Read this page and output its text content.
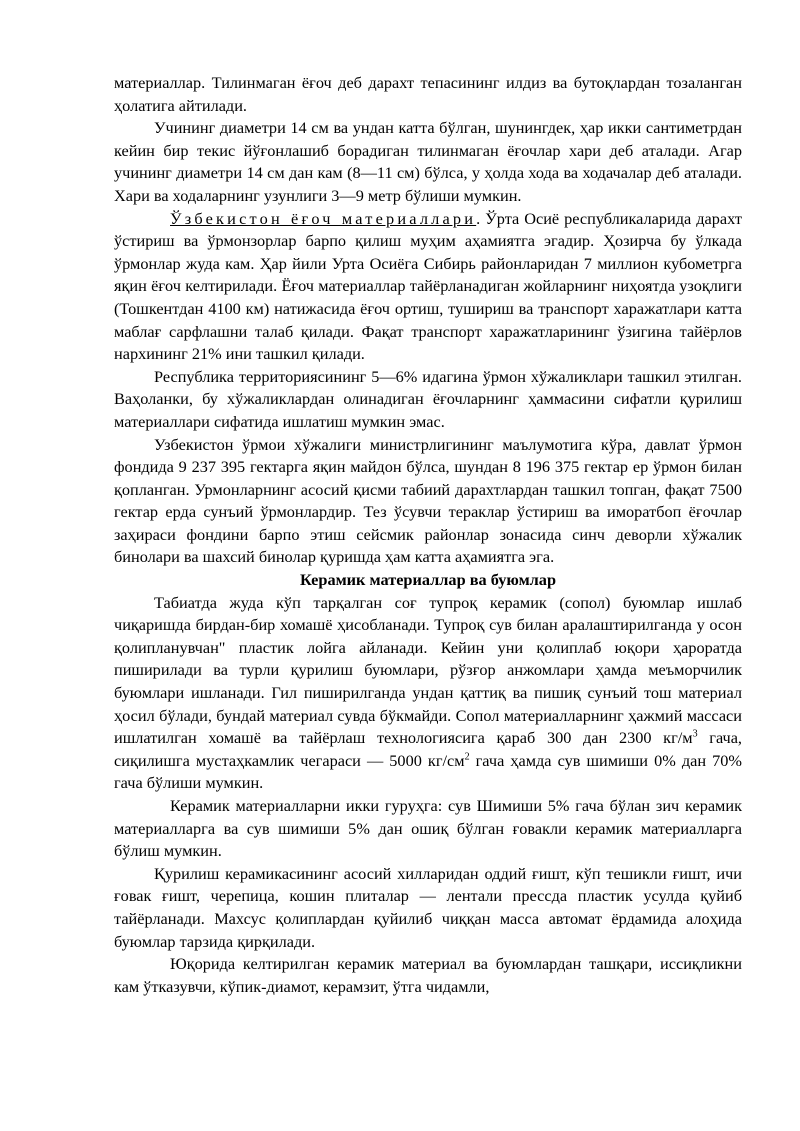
материаллар. Тилинмаган ёғоч деб дарахт тепасининг илдиз ва бутоқлардан тозаланган ҳолатига айтилади.

Учининг диаметри 14 см ва ундан катта бўлган, шунингдек, ҳар икки сантиметрдан кейин бир текис йўғонлашиб борадиган тилинмаган ёғочлар хари деб аталади. Агар учининг диаметри 14 см дан кам (8—11 см) бўлса, у ҳолда хода ва ходачалар деб аталади. Хари ва ходаларнинг узунлиги 3—9 метр бўлиши мумкин.

Ўзбекистон ёғоч материаллари. Ўрта Осиё республикаларида дарахт ўстириш ва ўрмонзорлар барпо қилиш муҳим аҳамиятга эгадир. Ҳозирча бу ўлкада ўрмонлар жуда кам. Ҳар йили Урта Осиёга Сибирь районларидан 7 миллион кубометрга яқин ёғоч келтирилади. Ёғоч материаллар тайёрланадиган жойларнинг ниҳоятда узоқлиги (Тошкентдан 4100 км) натижасида ёғоч ортиш, тушириш ва транспорт харажатлари катта маблағ сарфлашни талаб қилади. Фақат транспорт харажатларининг ўзигина тайёрлов нархининг 21% ини ташкил қилади.

Республика территориясининг 5—6% идагина ўрмон хўжаликлари ташкил этилган. Ваҳоланки, бу хўжаликлардан олинадиган ёғочларнинг ҳаммасини сифатли қурилиш материаллари сифатида ишлатиш мумкин эмас.

Узбекистон ўрмои хўжалиги министрлигининг маълумотига кўра, давлат ўрмон фондида 9 237 395 гектарга яқин майдон бўлса, шундан 8 196 375 гектар ер ўрмон билан қопланган. Урмонларнинг асосий қисми табиий дарахтлардан ташкил топган, фақат 7500 гектар ерда сунъий ўрмонлардир. Тез ўсувчи тераклар ўстириш ва иморатбоп ёғочлар заҳираси фондини барпо этиш сейсмик районлар зонасида синч деворли хўжалик бинолари ва шахсий бинолар қуришда ҳам катта аҳамиятга эга.

Керамик материаллар ва буюмлар

Табиатда жуда кўп тарқалган соғ тупроқ керамик (сопол) буюмлар ишлаб чиқаришда бирдан-бир хомашё ҳисобланади. Тупроқ сув билан аралаштирилганда у осон қолипланувчан" пластик лойга айланади. Кейин уни қолиплаб юқори ҳароратда пиширилади ва турли қурилиш буюмлари, рўзғор анжомлари ҳамда меъморчилик буюмлари ишланади. Гил пиширилганда ундан қаттиқ ва пишиқ сунъий тош материал ҳосил бўлади, бундай материал сувда бўкмайди. Сопол материалларнинг ҳажмий массаси ишлатилган хомашё ва тайёрлаш технологиясига қараб 300 дан 2300 $кг/м^3$ гача, сиқилишга мустаҳкамлик чегараси — 5000 $кг/см^2$ гача ҳамда сув шимиши 0% дан 70% гача бўлиши мумкин.

Керамик материалларни икки гуруҳга: сув Шимиши 5% гача бўлан зич керамик материалларга ва сув шимиши 5% дан ошиқ бўлган ғовакли керамик материалларга бўлиш мумкин.

Қурилиш керамикасининг асосий хилларидан оддий ғишт, кўп тешикли ғишт, ичи ғовак ғишт, черепица, кошин плиталар — лентали прессда пластик усулда қуйиб тайёрланади. Махсус қолиплардан қуйилиб чиққан масса автомат ёрдамида алоҳида буюмлар тарзида қирқилади.

Юқорида келтирилган керамик материал ва буюмлардан ташқари, иссиқликни кам ўтказувчи, кўпик-диамот, керамзит, ўтга чидамли,
